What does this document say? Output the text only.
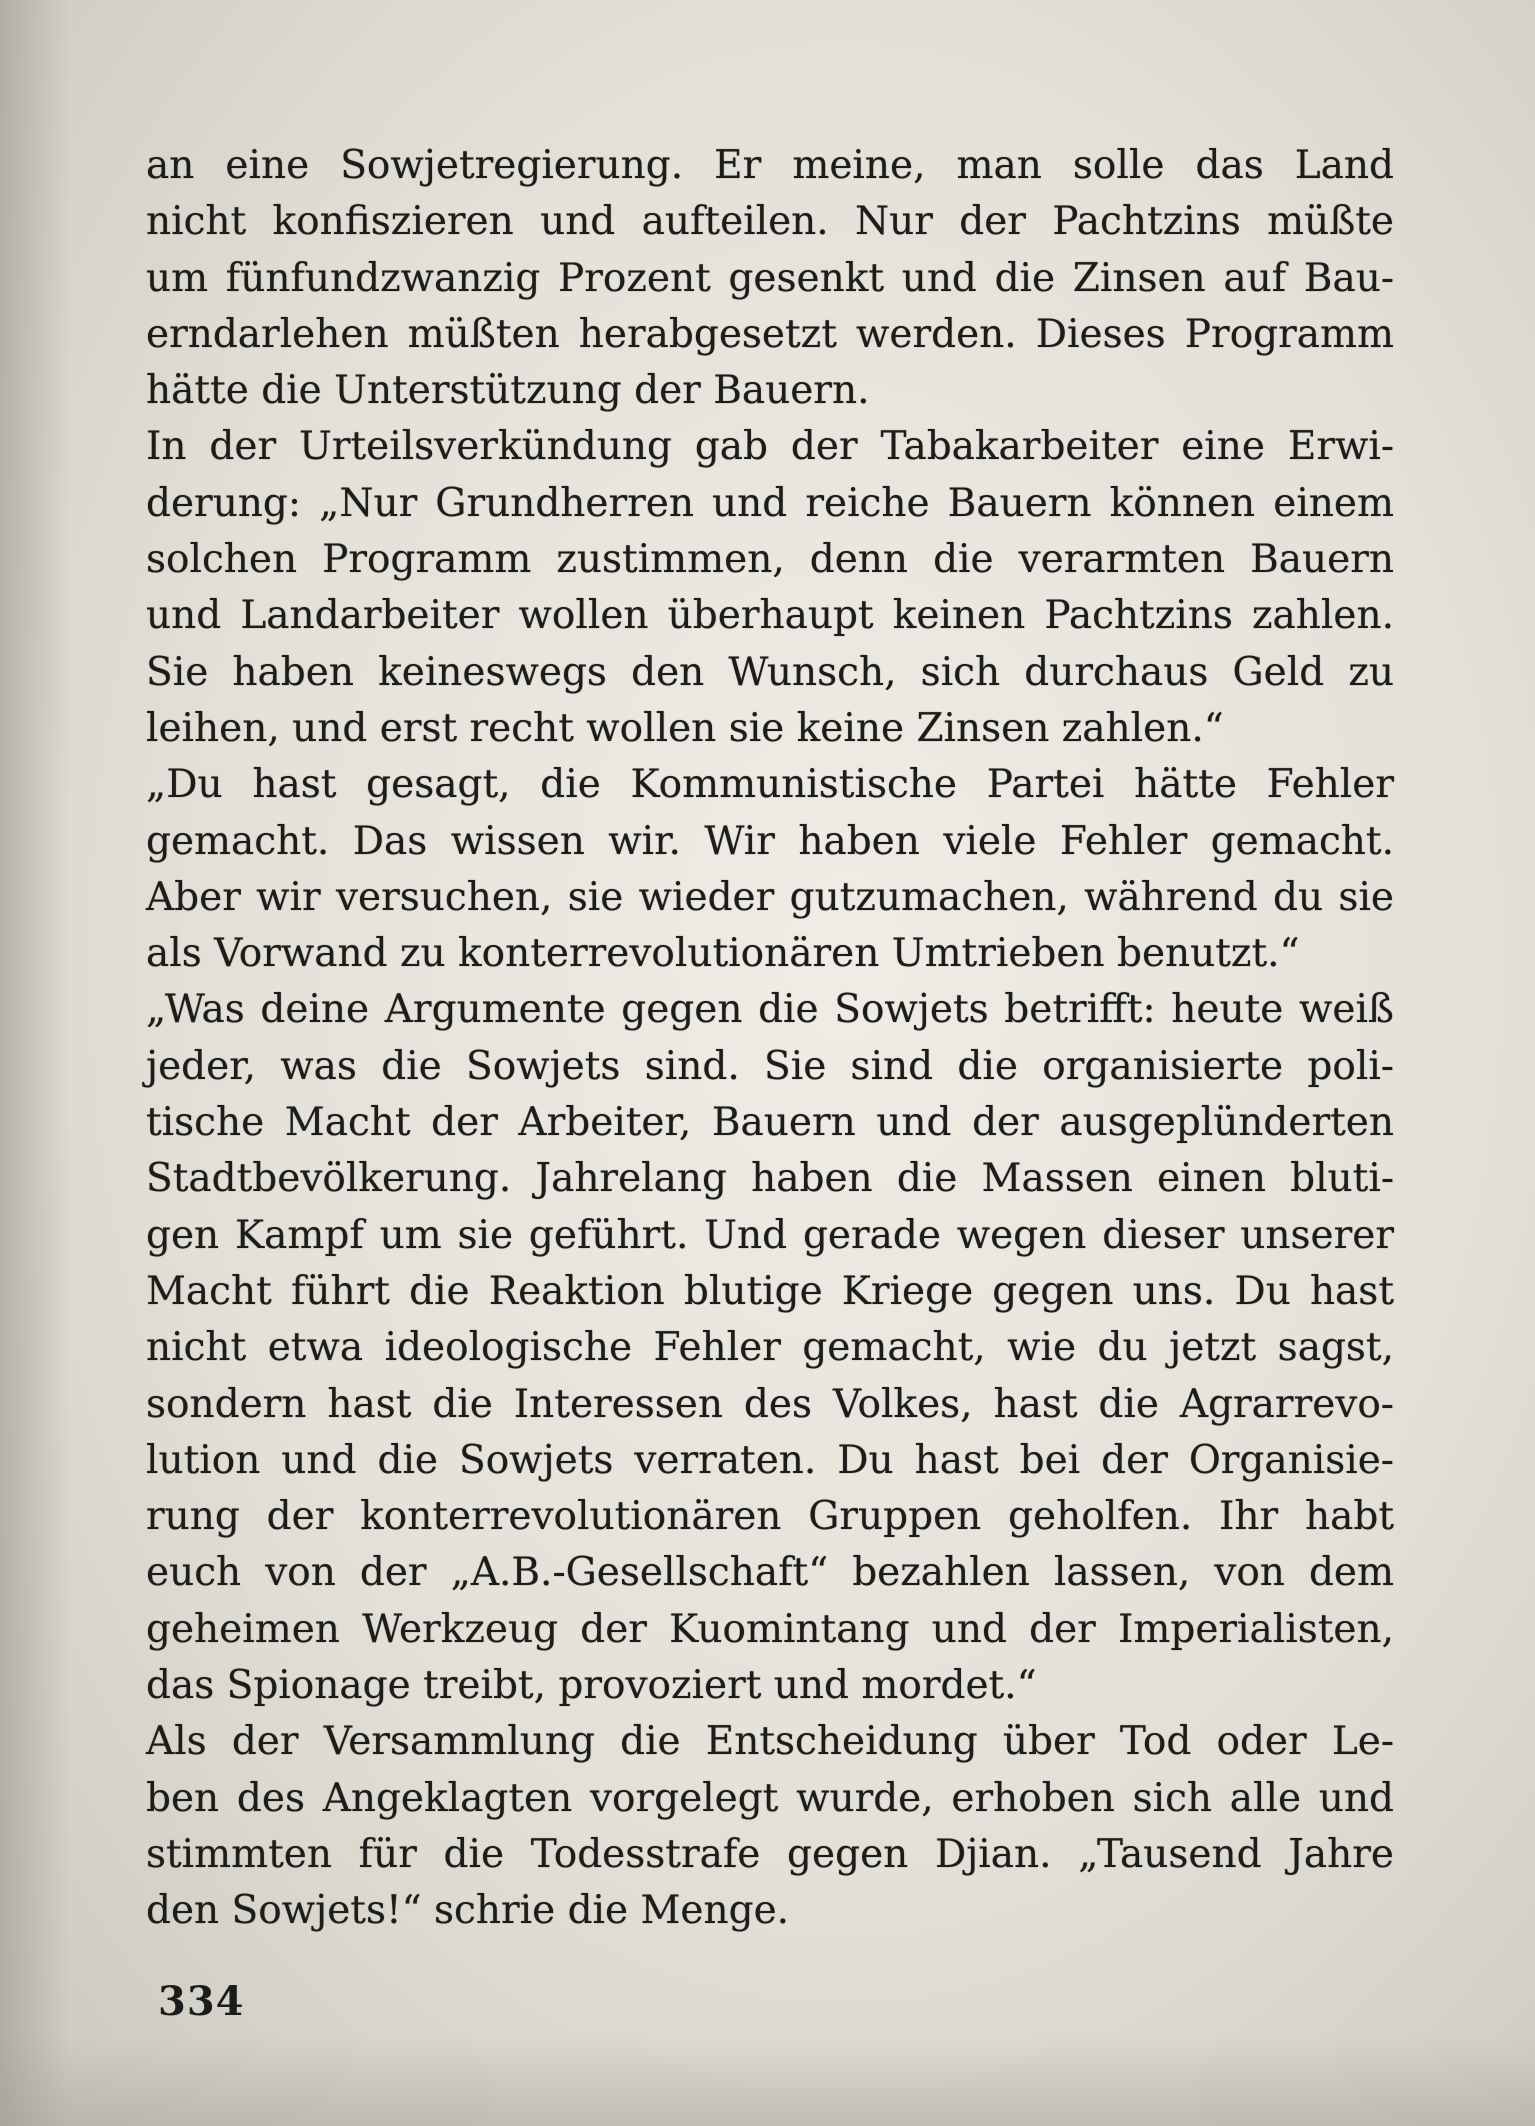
an eine Sowjetregierung. Er meine, man solle das Land
nicht konfiszieren und aufteilen. Nur der Pachtzins müßte
um fünfundzwanzig Prozent gesenkt und die Zinsen auf Bau-
erndarlehen müßten herabgesetzt werden. Dieses Programm
hätte die Unterstützung der Bauern.
In der Urteilsverkündung gab der Tabakarbeiter eine Erwi-
derung: „Nur Grundherren und reiche Bauern können einem
solchen Programm zustimmen, denn die verarmten Bauern
und Landarbeiter wollen überhaupt keinen Pachtzins zahlen.
Sie haben keineswegs den Wunsch, sich durchaus Geld zu
leihen, und erst recht wollen sie keine Zinsen zahlen.“
„Du hast gesagt, die Kommunistische Partei hätte Fehler
gemacht. Das wissen wir. Wir haben viele Fehler gemacht.
Aber wir versuchen, sie wieder gutzumachen, während du sie
als Vorwand zu konterrevolutionären Umtrieben benutzt.“
„Was deine Argumente gegen die Sowjets betrifft: heute weiß
jeder, was die Sowjets sind. Sie sind die organisierte poli-
tische Macht der Arbeiter, Bauern und der ausgeplünderten
Stadtbevölkerung. Jahrelang haben die Massen einen bluti-
gen Kampf um sie geführt. Und gerade wegen dieser unserer
Macht führt die Reaktion blutige Kriege gegen uns. Du hast
nicht etwa ideologische Fehler gemacht, wie du jetzt sagst,
sondern hast die Interessen des Volkes, hast die Agrarrevo-
lution und die Sowjets verraten. Du hast bei der Organisie-
rung der konterrevolutionären Gruppen geholfen. Ihr habt
euch von der „A.B.-Gesellschaft“ bezahlen lassen, von dem
geheimen Werkzeug der Kuomintang und der Imperialisten,
das Spionage treibt, provoziert und mordet.“
Als der Versammlung die Entscheidung über Tod oder Le-
ben des Angeklagten vorgelegt wurde, erhoben sich alle und
stimmten für die Todesstrafe gegen Djian. „Tausend Jahre
den Sowjets!“ schrie die Menge.
334
